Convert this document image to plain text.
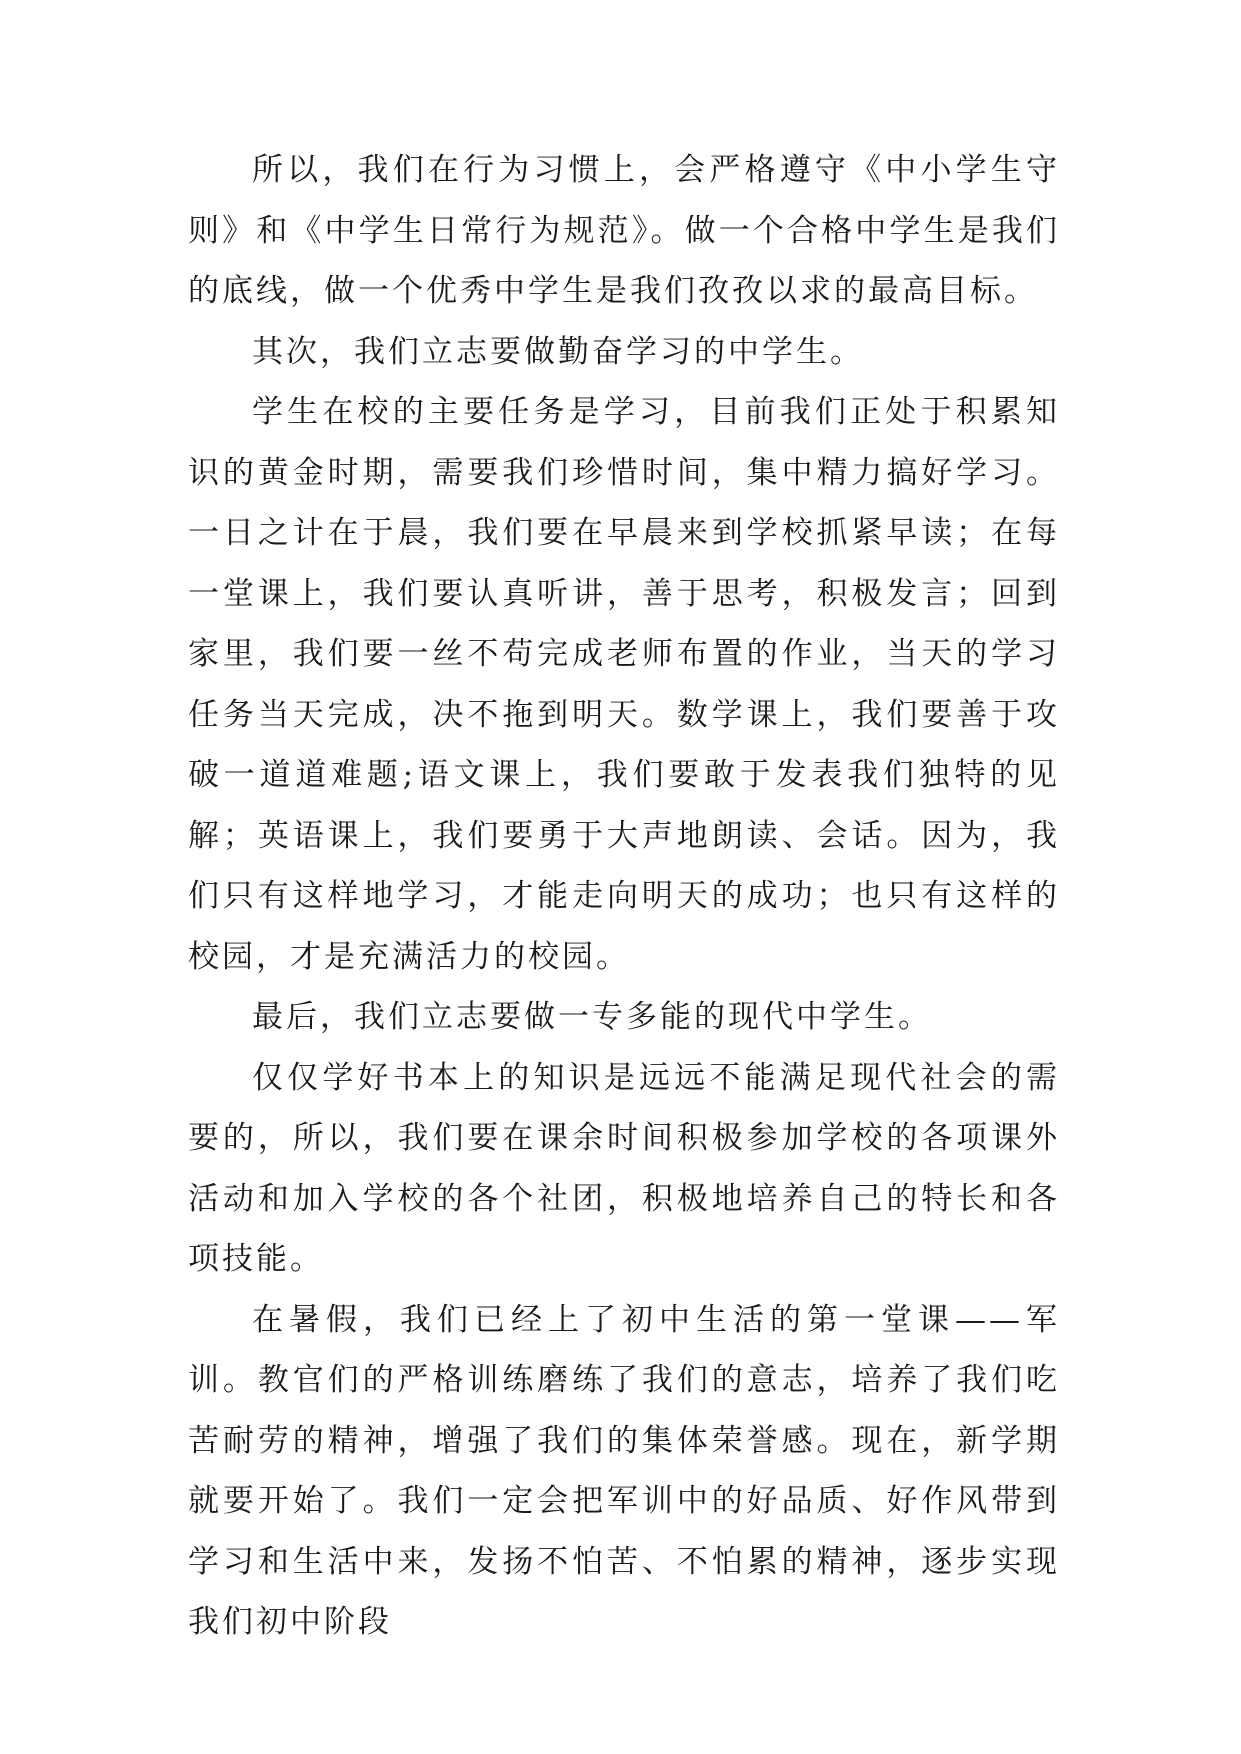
所以，我们在行为习惯上，会严格遵守《中小学生守则》和《中学生日常行为规范》。做一个合格中学生是我们的底线，做一个优秀中学生是我们孜孜以求的最高目标。

其次，我们立志要做勤奋学习的中学生。

学生在校的主要任务是学习，目前我们正处于积累知识的黄金时期，需要我们珍惜时间，集中精力搞好学习。一日之计在于晨，我们要在早晨来到学校抓紧早读；在每一堂课上，我们要认真听讲，善于思考，积极发言；回到家里，我们要一丝不苟完成老师布置的作业，当天的学习任务当天完成，决不拖到明天。数学课上，我们要善于攻破一道道难题;语文课上，我们要敢于发表我们独特的见解；英语课上，我们要勇于大声地朗读、会话。因为，我们只有这样地学习，才能走向明天的成功；也只有这样的校园，才是充满活力的校园。

最后，我们立志要做一专多能的现代中学生。

仅仅学好书本上的知识是远远不能满足现代社会的需要的，所以，我们要在课余时间积极参加学校的各项课外活动和加入学校的各个社团，积极地培养自己的特长和各项技能。

在暑假，我们已经上了初中生活的第一堂课——军训。教官们的严格训练磨练了我们的意志，培养了我们吃苦耐劳的精神，增强了我们的集体荣誉感。现在，新学期就要开始了。我们一定会把军训中的好品质、好作风带到学习和生活中来，发扬不怕苦、不怕累的精神，逐步实现我们初中阶段
